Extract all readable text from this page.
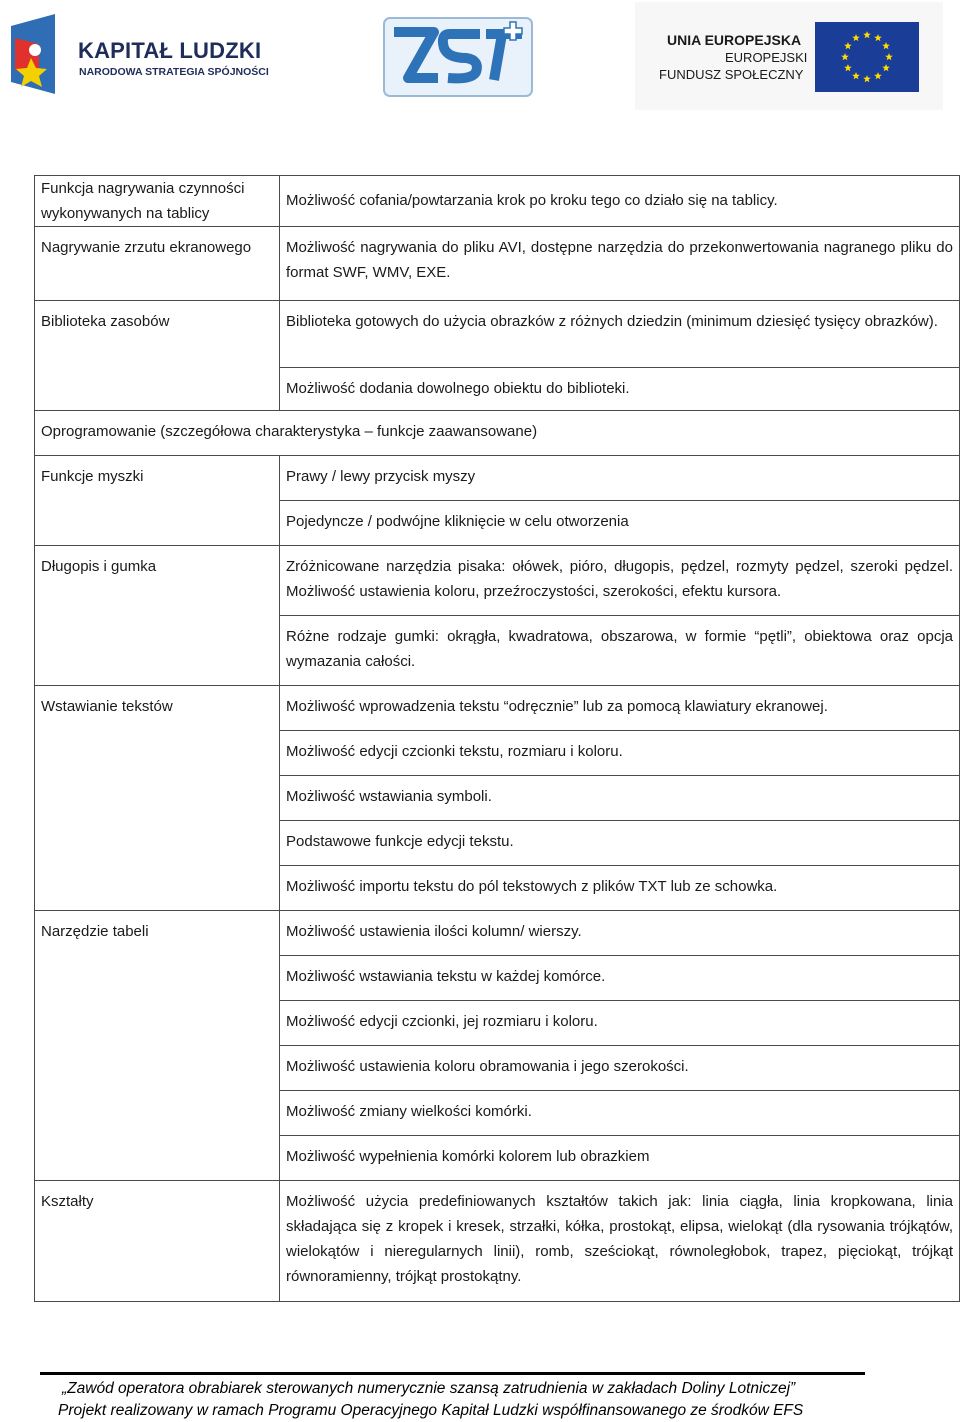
KAPITAŁ LUDZKI
NARODOWA STRATEGIA SPÓJNOŚCI
UNIA EUROPEJSKA
EUROPEJSKI
FUNDUSZ SPOŁECZNY
Funkcja nagrywania czynności wykonywanych na tablicy	Możliwość cofania/powtarzania krok po kroku tego co działo się na tablicy.

Nagrywanie zrzutu ekranowego	Możliwość nagrywania do pliku AVI, dostępne narzędzia do przekonwertowania nagranego pliku do format SWF, WMV, EXE.

Biblioteka zasobów	Biblioteka gotowych do użycia obrazków z różnych dziedzin (minimum dziesięć tysięcy obrazków).

	Możliwość dodania dowolnego obiektu do biblioteki.

Oprogramowanie (szczegółowa charakterystyka – funkcje zaawansowane)	

Funkcje myszki	Prawy / lewy przycisk myszy

	Pojedyncze / podwójne kliknięcie w celu otworzenia

Długopis i gumka	Zróżnicowane narzędzia pisaka: ołówek, pióro, długopis, pędzel, rozmyty pędzel, szeroki pędzel. Możliwość ustawienia koloru, przeźroczystości, szerokości, efektu kursora.

	Różne rodzaje gumki: okrągła, kwadratowa, obszarowa, w formie “pętli”, obiektowa oraz opcja wymazania całości.

Wstawianie tekstów	Możliwość wprowadzenia tekstu “odręcznie” lub za pomocą klawiatury ekranowej.

	Możliwość edycji czcionki tekstu, rozmiaru i koloru.

	Możliwość wstawiania symboli.

	Podstawowe funkcje edycji tekstu.

	Możliwość importu tekstu do pól tekstowych z plików TXT lub ze schowka.

Narzędzie tabeli	Możliwość ustawienia ilości kolumn/ wierszy.

	Możliwość wstawiania tekstu w każdej komórce.

	Możliwość edycji czcionki, jej rozmiaru i koloru.

	Możliwość ustawienia koloru obramowania i jego szerokości.

	Możliwość zmiany wielkości komórki.

	Możliwość wypełnienia komórki kolorem lub obrazkiem

Kształty	Możliwość użycia predefiniowanych kształtów takich jak: linia ciągła, linia kropkowana, linia składająca się z kropek i kresek, strzałki, kółka, prostokąt, elipsa, wielokąt (dla rysowania trójkątów, wielokątów i nieregularnych linii), romb, sześciokąt, równoległobok, trapez, pięciokąt, trójkąt równoramienny, trójkąt prostokątny.
„Zawód operatora obrabiarek sterowanych numerycznie szansą zatrudnienia w zakładach Doliny Lotniczej”
Projekt realizowany w ramach Programu Operacyjnego Kapitał Ludzki współfinansowanego ze środków EFS
